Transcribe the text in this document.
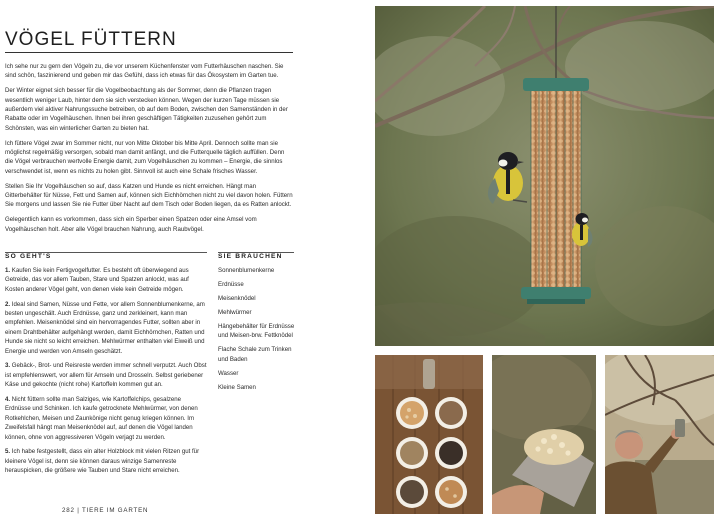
VÖGEL FÜTTERN

Ich sehe nur zu gern den Vögeln zu, die vor unserem Küchenfenster vom Futterhäuschen naschen. Sie sind schön, faszinierend und geben mir das Gefühl, dass ich etwas für das Ökosystem im Garten tue.

Der Winter eignet sich besser für die Vogelbeobachtung als der Sommer, denn die Pflanzen tragen wesentlich weniger Laub, hinter dem sie sich verstecken können. Wegen der kurzen Tage müssen sie außerdem viel aktiver Nahrungssuche betreiben, ob auf dem Boden, zwischen den Samenständen in der Rabatte oder im Vogelhäuschen. Ihnen bei ihren geschäftigen Tätigkeiten zuzusehen gehört zum Schönsten, was ein winterlicher Garten zu bieten hat.

Ich füttere Vögel zwar im Sommer nicht, nur von Mitte Oktober bis Mitte April. Dennoch sollte man sie möglichst regelmäßig versorgen, sobald man damit anfängt, und die Futterquelle täglich auffüllen. Denn die Vögel verbrauchen wertvolle Energie damit, zum Vogelhäuschen zu kommen – Energie, die sinnlos verschwendet ist, wenn es nichts zu holen gibt. Sinnvoll ist auch eine Schale frisches Wasser.

Stellen Sie Ihr Vogelhäuschen so auf, dass Katzen und Hunde es nicht erreichen. Hängt man Gitterbehälter für Nüsse, Fett und Samen auf, können sich Eichhörnchen nicht zu viel davon holen. Füttern Sie morgens und lassen Sie nie Futter über Nacht auf dem Tisch oder Boden liegen, da es Ratten anlockt.

Gelegentlich kann es vorkommen, dass sich ein Sperber einen Spatzen oder eine Amsel vom Vogelhäuschen holt. Aber alle Vögel brauchen Nahrung, auch Raubvögel.

SO GEHT'S	SIE BRAUCHEN

1. Kaufen Sie kein Fertigvogelfutter. Es besteht oft überwiegend aus Getreide, das vor allem Tauben, Stare und Spatzen anlockt, was auf Kosten anderer Vögel geht, von denen viele kein Getreide mögen.

2. Ideal sind Samen, Nüsse und Fette, vor allem Sonnenblumenkerne, am besten ungeschält. Auch Erdnüsse, ganz und zerkleinert, kann man empfehlen. Meisenknödel sind ein hervorragendes Futter, sollten aber in einem Drahtbehälter aufgehängt werden, damit Eichhörnchen, Ratten und Hunde sie nicht so leicht erreichen. Mehlwürmer enthalten viel Eiweiß und Energie und werden von Amseln geschätzt.

3. Gebäck-, Brot- und Reisreste werden immer schnell verputzt. Auch Obst ist empfehlenswert, vor allem für Amseln und Drosseln. Selbst geriebener Käse und gekochte (nicht rohe) Kartoffeln kommen gut an.

4. Nicht füttern sollte man Salziges, wie Kartoffelchips, gesalzene Erdnüsse und Schinken. Ich kaufe getrocknete Mehlwürmer, von denen Rotkehlchen, Meisen und Zaunkönige nicht genug kriegen können. Im Zweifelsfall hängt man Meisenknödel auf, auf denen die Vögel landen können, ohne von aggressiveren Vögeln verjagt zu werden.

5. Ich habe festgestellt, dass ein alter Holzblock mit vielen Ritzen gut für kleinere Vögel ist, denn sie können daraus winzige Samenreste herauspicken, die größere wie Tauben und Stare nicht erreichen.

Sonnenblumenkerne
Erdnüsse
Meisenknödel
Mehlwürmer
Hängebehälter für Erdnüsse und Meisen-brw. Fettknödel
Flache Schale zum Trinken und Baden
Wasser
Kleine Samen
282 | TIERE IM GARTEN
